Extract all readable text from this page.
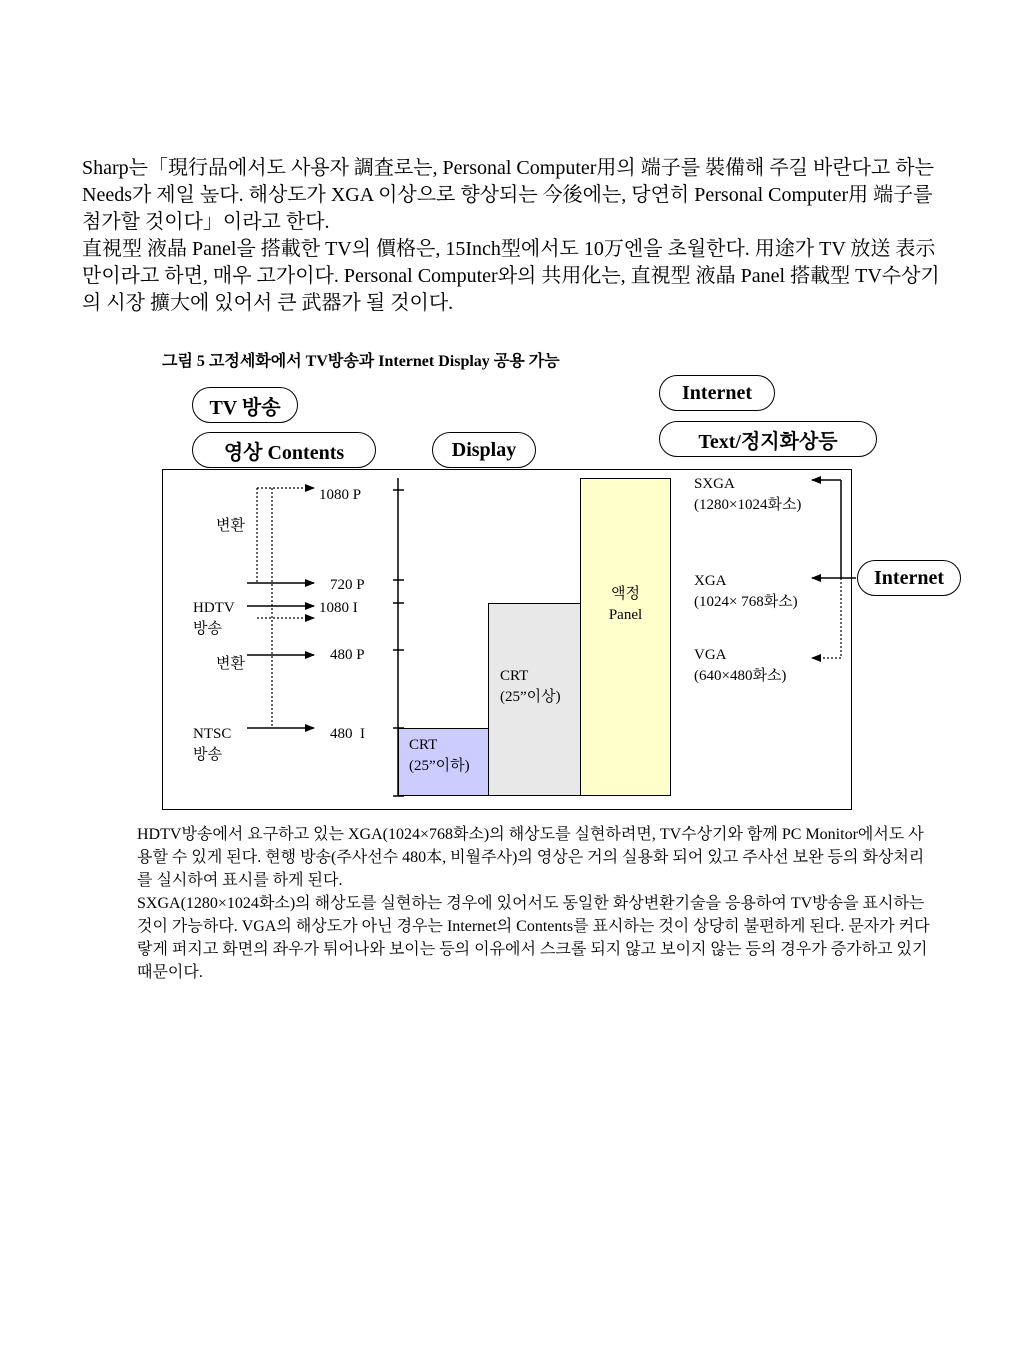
Sharp는「現行品에서도 사용자 調査로는, Personal Computer用의 端子를 裝備해 주길 바란다고 하는 Needs가 제일 높다. 해상도가 XGA 이상으로 향상되는 今後에는, 당연히 Personal Computer用 端子를 첨가할 것이다」이라고 한다.

直視型 液晶 Panel을 搭載한 TV의 價格은, 15Inch型에서도 10万엔을 초월한다. 用途가 TV 放送 表示만이라고 하면, 매우 고가이다. Personal Computer와의 共用化는, 直視型 液晶 Panel 搭載型 TV수상기의 시장 擴大에 있어서 큰 武器가 될 것이다.

그림 5 고정세화에서 TV방송과 Internet Display 공용 가능
TV 방송
영상 Contents	Display
Internet
Text/정지화상등
CRT
(25”이하)
CRT
(25”이상)
액정
Panel
1080 P
720 P
1080 I
480 P
480  I
변환
변환
HDTV
방송
NTSC
방송
SXGA
(1280×1024화소)
XGA
(1024× 768화소)
VGA
(640×480화소)
Internet

HDTV방송에서 요구하고 있는 XGA(1024×768화소)의 해상도를 실현하려면, TV수상기와 함께 PC Monitor에서도 사용할 수 있게 된다. 현행 방송(주사선수 480本, 비월주사)의 영상은 거의 실용화 되어 있고 주사선 보완 등의 화상처리를 실시하여 표시를 하게 된다.

SXGA(1280×1024화소)의 해상도를 실현하는 경우에 있어서도 동일한 화상변환기술을 응용하여 TV방송을 표시하는 것이 가능하다. VGA의 해상도가 아닌 경우는 Internet의 Contents를 표시하는 것이 상당히 불편하게 된다. 문자가 커다랗게 퍼지고 화면의 좌우가 튀어나와 보이는 등의 이유에서 스크롤 되지 않고 보이지 않는 등의 경우가 증가하고 있기 때문이다.
